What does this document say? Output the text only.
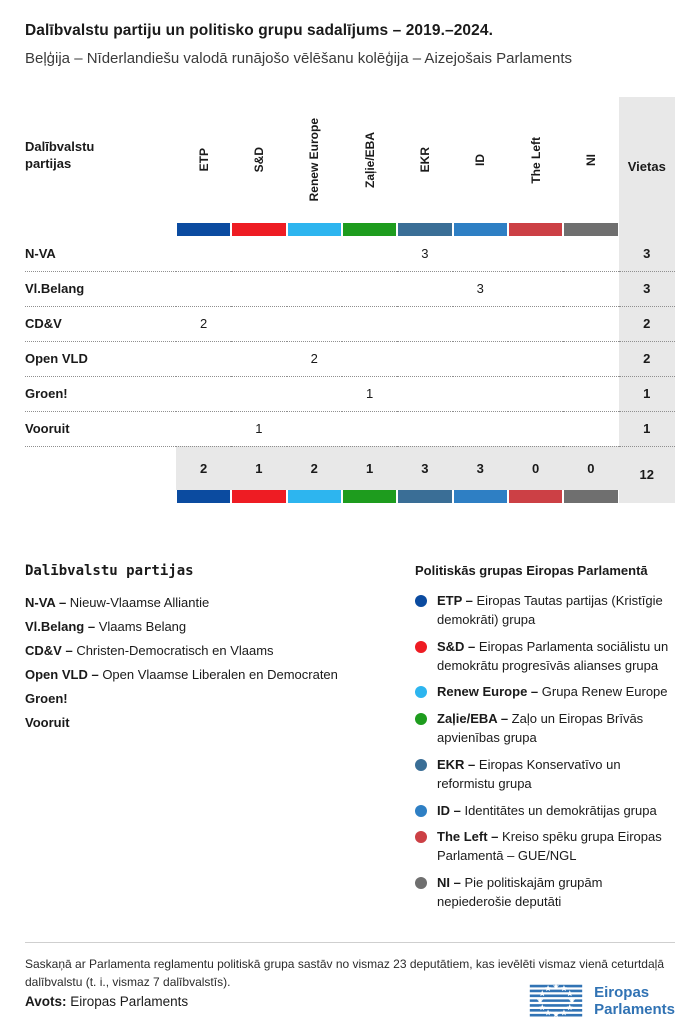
Dalībvalstu partiju un politisko grupu sadalījums – 2019.–2024.
Beļģija – Nīderlandiešu valodā runājošo vēlēšanu kolēģija – Aizejošais Parlaments
Dalībvalstu partijas	ETP	S&D	Renew Europe	Zaļie/EBA	EKR	ID	The Left	NI	Vietas

N-VA					3				3
Vl.Belang						3			3
CD&V	2								2
Open VLD			2						2
Groen!				1					1
Vooruit		1							1
	2	1	2	1	3	3	0	0	12

Dalībvalstu partijas
N-VA – Nieuw-Vlaamse Alliantie
Vl.Belang – Vlaams Belang
CD&V – Christen-Democratisch en Vlaams
Open VLD – Open Vlaamse Liberalen en Democraten
Groen!
Vooruit
Politiskās grupas Eiropas Parlamentā
ETP – Eiropas Tautas partijas (Kristīgie demokrāti) grupa
S&D – Eiropas Parlamenta sociālistu un demokrātu progresīvās alianses grupa
Renew Europe – Grupa Renew Europe
Zaļie/EBA – Zaļo un Eiropas Brīvās apvienības grupa
EKR – Eiropas Konservatīvo un reformistu grupa
ID – Identitātes un demokrātijas grupa
The Left – Kreiso spēku grupa Eiropas Parlamentā – GUE/NGL
NI – Pie politiskajām grupām nepiederošie deputāti

Saskaņā ar Parlamenta reglamentu politiskā grupa sastāv no vismaz 23 deputātiem, kas ievēlēti vismaz vienā ceturtdaļā dalībvalstu (t. i., vismaz 7 dalībvalstīs).

Avots: Eiropas Parlaments

Eiropas
Parlaments
